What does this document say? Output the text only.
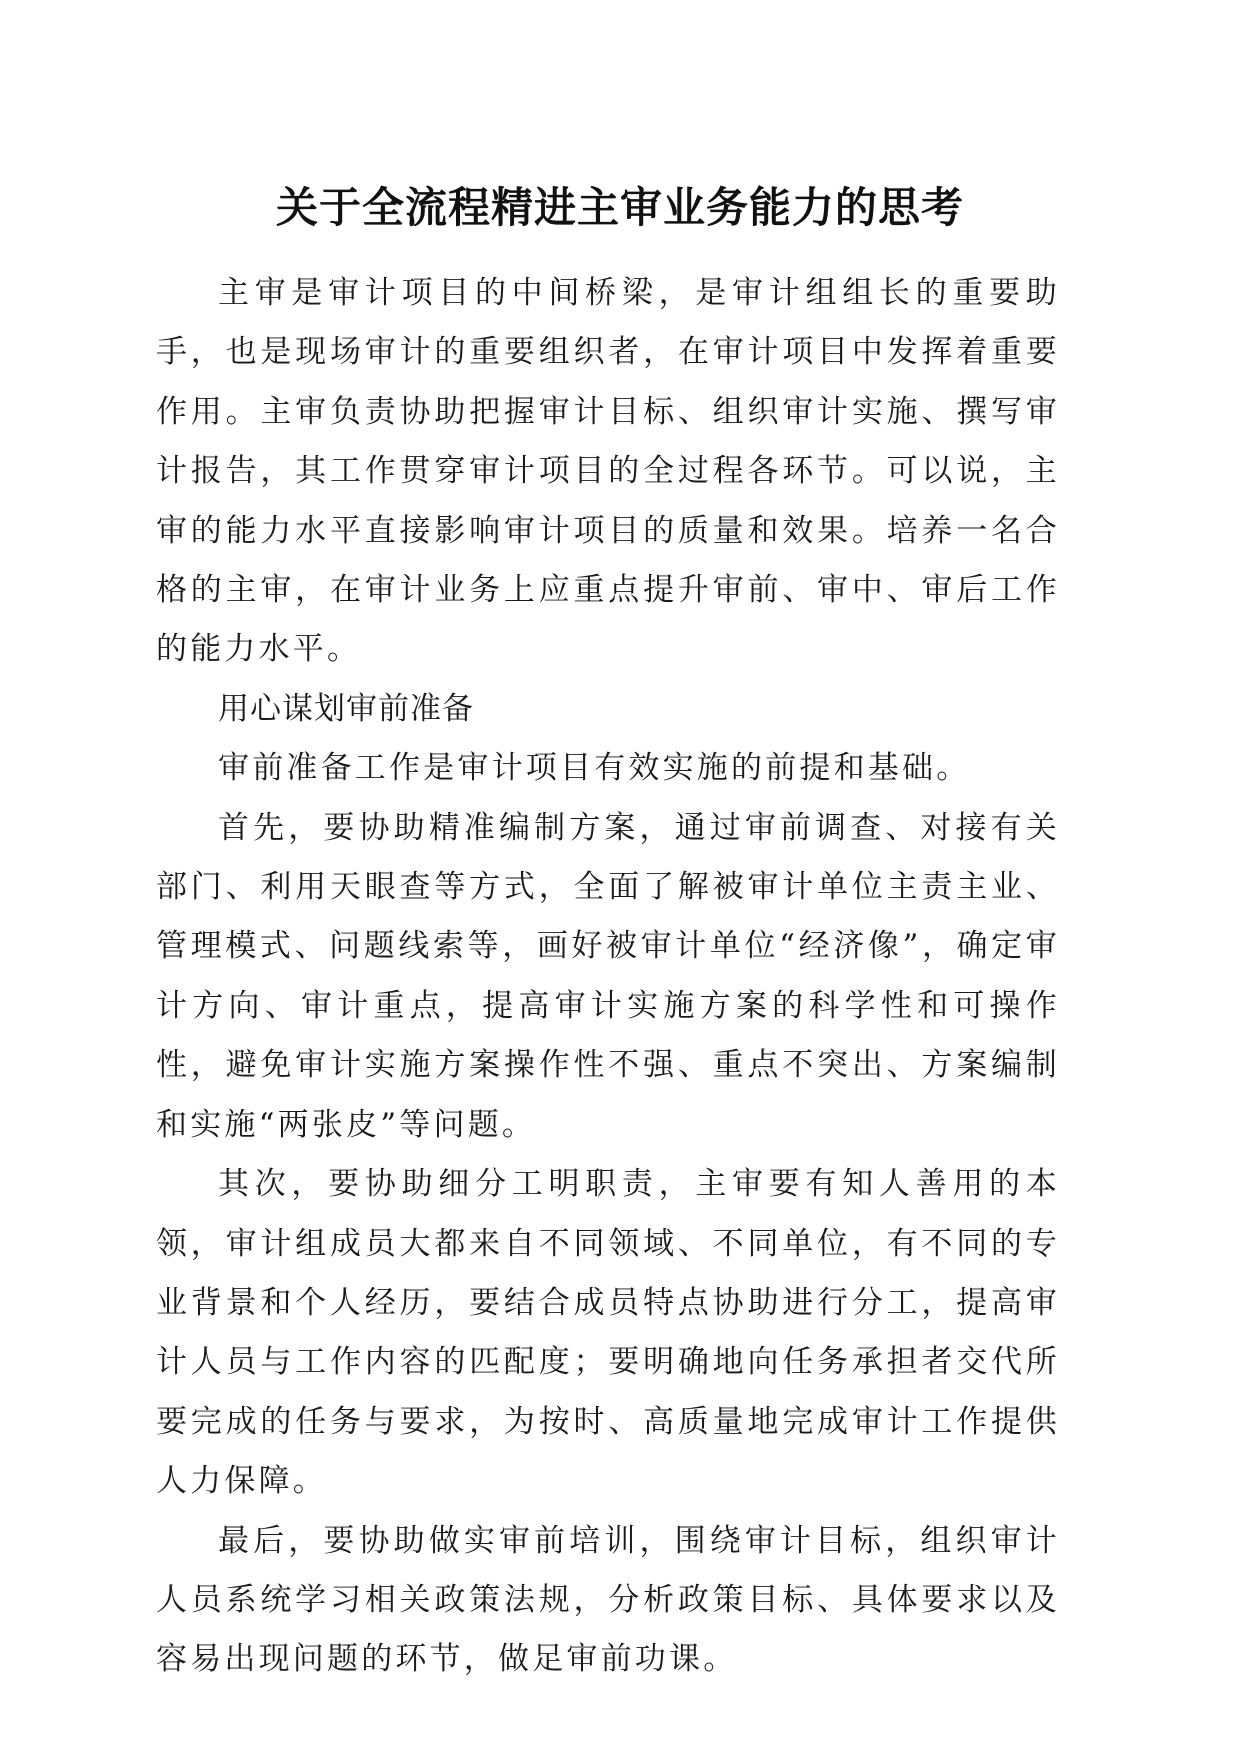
关于全流程精进主审业务能力的思考

主审是审计项目的中间桥梁，是审计组组长的重要助手，也是现场审计的重要组织者，在审计项目中发挥着重要作用。主审负责协助把握审计目标、组织审计实施、撰写审计报告，其工作贯穿审计项目的全过程各环节。可以说，主审的能力水平直接影响审计项目的质量和效果。培养一名合格的主审，在审计业务上应重点提升审前、审中、审后工作的能力水平。

用心谋划审前准备

审前准备工作是审计项目有效实施的前提和基础。

首先，要协助精准编制方案，通过审前调查、对接有关部门、利用天眼查等方式，全面了解被审计单位主责主业、管理模式、问题线索等，画好被审计单位“经济像”，确定审计方向、审计重点，提高审计实施方案的科学性和可操作性，避免审计实施方案操作性不强、重点不突出、方案编制和实施“两张皮”等问题。

其次，要协助细分工明职责，主审要有知人善用的本领，审计组成员大都来自不同领域、不同单位，有不同的专业背景和个人经历，要结合成员特点协助进行分工，提高审计人员与工作内容的匹配度；要明确地向任务承担者交代所要完成的任务与要求，为按时、高质量地完成审计工作提供人力保障。

最后，要协助做实审前培训，围绕审计目标，组织审计人员系统学习相关政策法规，分析政策目标、具体要求以及容易出现问题的环节，做足审前功课。
